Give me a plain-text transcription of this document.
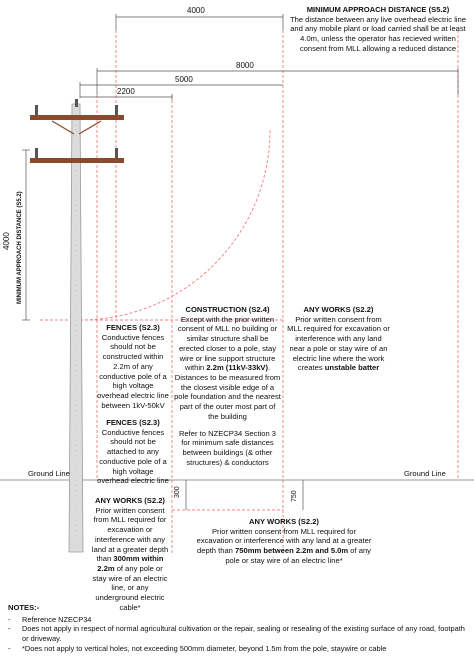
4000
8000
5000
2200
4000 MINIMUM APPROACH DISTANCE (S5.2)
300	750
MINIMUM APPROACH DISTANCE (S5.2)
The distance between any live overhead electric line and any mobile plant or load carried shall be at least 4.0m, unless the operator has recieved written consent from MLL allowing a reduced distance
FENCES (S2.3)
Conductive fences should not be constructed within 2.2m of any conductive pole of a high voltage overhead electric line between 1kV-50kV
FENCES (S2.3)
Conductive fences should not be attached to any conductive pole of a high voltage overhead electric line
CONSTRUCTION (S2.4)
Except with the prior written consent of MLL no building or similar structure shall be erected closer to a pole, stay wire or line support structure within 2.2m (11kV-33kV). Distances to be measured from the closest visible edge of a pole foundation and the nearest part of the outer most part of the building
Refer to NZECP34 Section 3 for minimum safe distances between buildings (& other structures) & conductors
ANY WORKS (S2.2)
Prior written consent from MLL required for excavation or interference with any land near a pole or stay wire of an electric line where the work creates unstable batter
Ground Line	Ground Line
ANY WORKS (S2.2)
Prior written consent from MLL required for excavation or interference with any land at a greater depth than 300mm within 2.2m of any pole or stay wire of an electric line, or any underground electric cable*
ANY WORKS (S2.2)
Prior written consent from MLL required for excavation or interference with any land at a greater depth than 750mm between 2.2m and 5.0m of any pole or stay wire of an electric line*
NOTES:-
-	Reference NZECP34
-	Does not apply in respect of normal agricultural cultivation or the repair, sealing or resealing of the existing surface of any road, footpath or driveway.
-	*Does not apply to vertical holes, not exceeding 500mm diameter, beyond 1.5m from the pole, staywire or cable
